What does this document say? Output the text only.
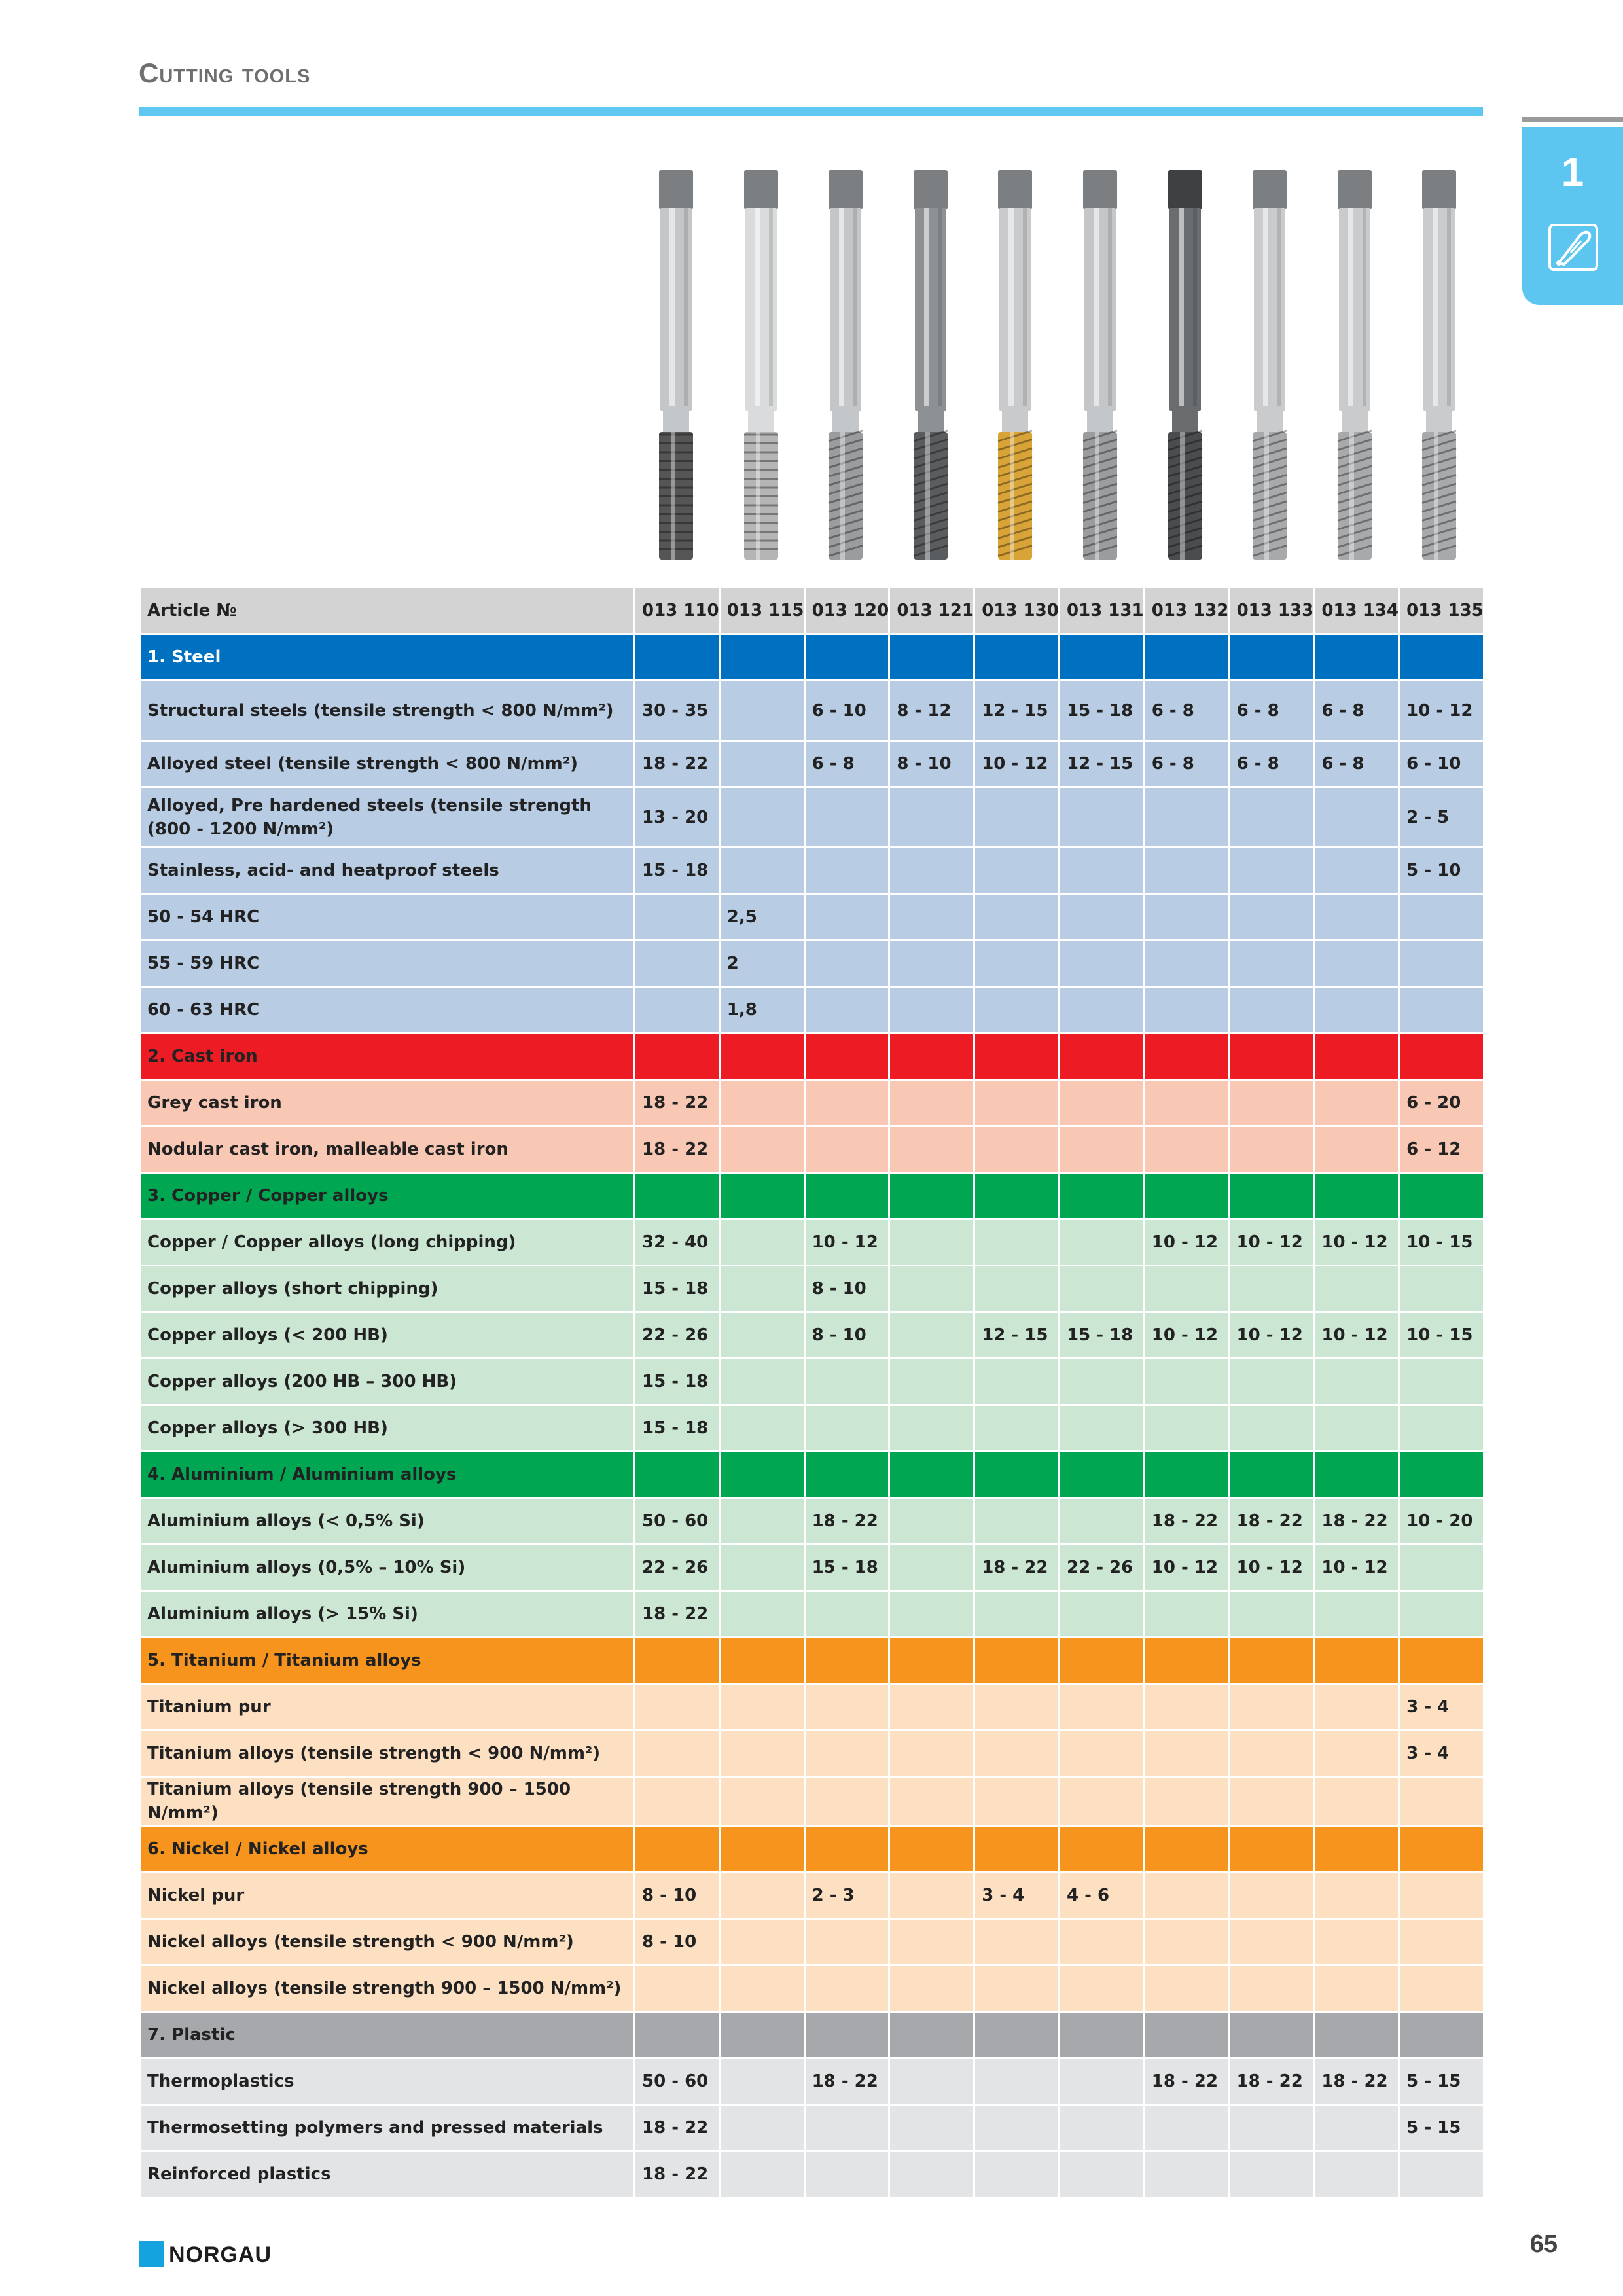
Cutting tools
1
Article №	013 110	013 115	013 120	013 121	013 130	013 131	013 132	013 133	013 134	013 135
1. Steel										
Structural steels (tensile strength < 800 N/mm²)	30 - 35		6 - 10	8 - 12	12 - 15	15 - 18	6 - 8	6 - 8	6 - 8	10 - 12
Alloyed steel (tensile strength < 800 N/mm²)	18 - 22		6 - 8	8 - 10	10 - 12	12 - 15	6 - 8	6 - 8	6 - 8	6 - 10
Alloyed, Pre hardened steels (tensile strength (800 - 1200 N/mm²)	13 - 20									2 - 5
Stainless, acid- and heatproof steels	15 - 18									5 - 10
50 - 54 HRC		2,5								
55 - 59 HRC		2								
60 - 63 HRC		1,8								
2. Cast iron										
Grey cast iron	18 - 22									6 - 20
Nodular cast iron, malleable cast iron	18 - 22									6 - 12
3. Copper / Copper alloys										
Copper / Copper alloys (long chipping)	32 - 40		10 - 12				10 - 12	10 - 12	10 - 12	10 - 15
Copper alloys (short chipping)	15 - 18		8 - 10							
Copper alloys (< 200 HB)	22 - 26		8 - 10		12 - 15	15 - 18	10 - 12	10 - 12	10 - 12	10 - 15
Copper alloys (200 HB – 300 HB)	15 - 18									
Copper alloys (> 300 HB)	15 - 18									
4. Aluminium / Aluminium alloys										
Aluminium alloys (< 0,5% Si)	50 - 60		18 - 22				18 - 22	18 - 22	18 - 22	10 - 20
Aluminium alloys (0,5% – 10% Si)	22 - 26		15 - 18		18 - 22	22 - 26	10 - 12	10 - 12	10 - 12	
Aluminium alloys (> 15% Si)	18 - 22									
5. Titanium / Titanium alloys										
Titanium pur										3 - 4
Titanium alloys (tensile strength < 900 N/mm²)										3 - 4
Titanium alloys (tensile strength 900 – 1500 N/mm²)										
6. Nickel / Nickel alloys										
Nickel pur	8 - 10		2 - 3		3 - 4	4 - 6				
Nickel alloys (tensile strength < 900 N/mm²)	8 - 10									
Nickel alloys (tensile strength 900 – 1500 N/mm²)										
7. Plastic										
Thermoplastics	50 - 60		18 - 22				18 - 22	18 - 22	18 - 22	5 - 15
Thermosetting polymers and pressed materials	18 - 22									5 - 15
Reinforced plastics	18 - 22									
NORGAU	65
